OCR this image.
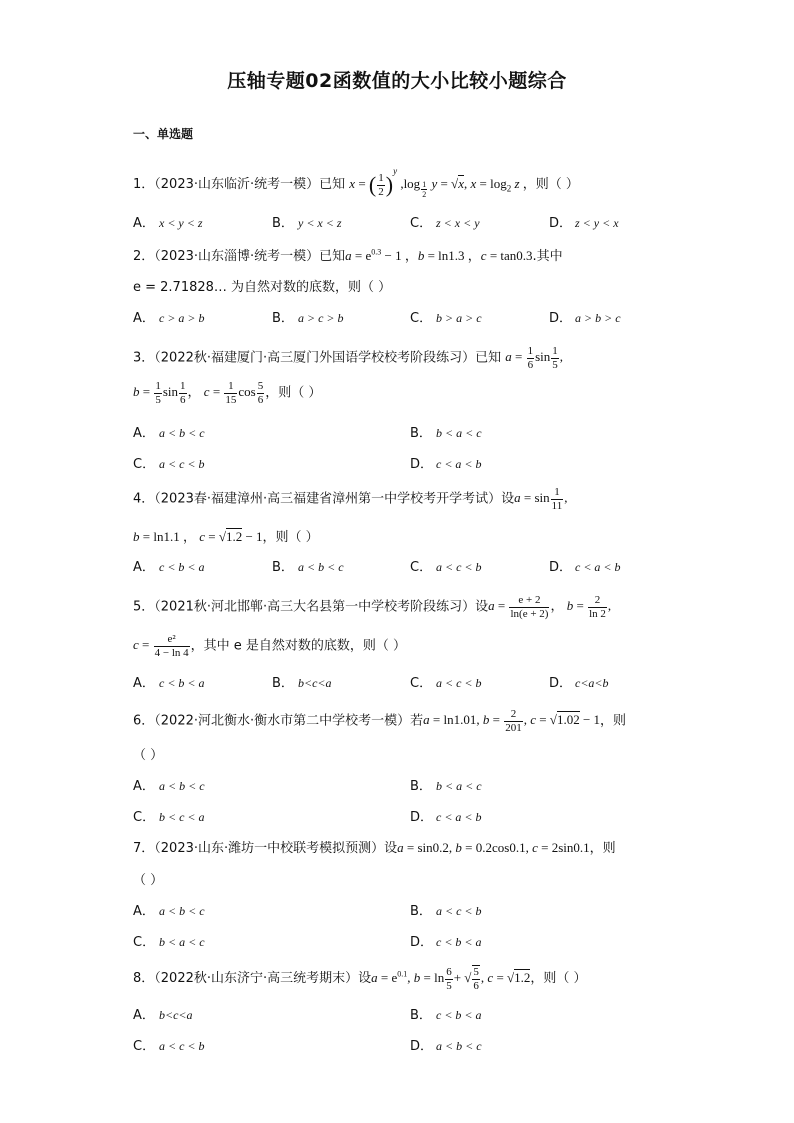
压轴专题02函数值的大小比较小题综合
一、单选题
1．（2023·山东临沂·统考一模）已知 x = ( $\frac{1}{2} )^y$ ,log $_{\frac{1}{2}}$ y = √x, $x = \log_2 z$ ，则（ ）
A． x < y < z	B． y < x < z	C． z < x < y	D． z < y < x
2．（2023·山东淄博·统考一模）已知$a = e^{0.3} - 1$ ，b = ln1.3 ，c = tan0.3.其中
e = 2.71828… 为自然对数的底数，则（ ）
A． c > a > b	B． a > c > b	C． b > a > c	D． a > b > c
3．（2022秋·福建厦门·高三厦门外国语学校校考阶段练习）已知 $a = \frac{1}{6}$ $\sin \frac{1}{5}$ ,
$b = \frac{1}{5}$ $\sin \frac{1}{6}$ ， $c = \frac{1}{15}$ $\cos \frac{5}{6}$ ，则（ ）
A． a < b < c	B． b < a < c
C． a < c < b	D． c < a < b
4．（2023春·福建漳州·高三福建省漳州第一中学校考开学考试）设$a = \sin \frac{1}{11}$ ,
b = ln1.1 ， c = √1.2 − 1，则（ ）
A． c < b < a	B． a < b < c	C． a < c < b	D． c < a < b
5．（2021秋·河北邯郸·高三大名县第一中学校考阶段练习）设$a = \frac{e + 2}{\ln(e + 2)}$ ， $b = \frac{2}{\ln 2}$ ,
$c = \frac{\text{e²}}{4 - \ln 4}$ ，其中 e 是自然对数的底数，则（ ）
A． c < b < a	B． b<c<a	C． a < c < b	D． c<a<b
6．（2022·河北衡水·衡水市第二中学校考一模）若a = ln1.01, $b = \frac{2}{201}$ , c = √1.02 − 1，则
（ ）
A． a < b < c	B． b < a < c
C． b < c < a	D． c < a < b
7．（2023·山东·潍坊一中校联考模拟预测）设a = sin0.2, b = 0.2cos0.1, c = 2sin0.1，则
（ ）
A． a < b < c	B． a < c < b
C． b < a < c	D． c < b < a
8．（2022秋·山东济宁·高三统考期末）设$a = e^{0.1}$, $b = \ln \frac{6}{5}$ + √ $\frac{5}{6}$ , c = √1.2，则（ ）
A． b<c<a	B． c < b < a
C． a < c < b	D． a < b < c
